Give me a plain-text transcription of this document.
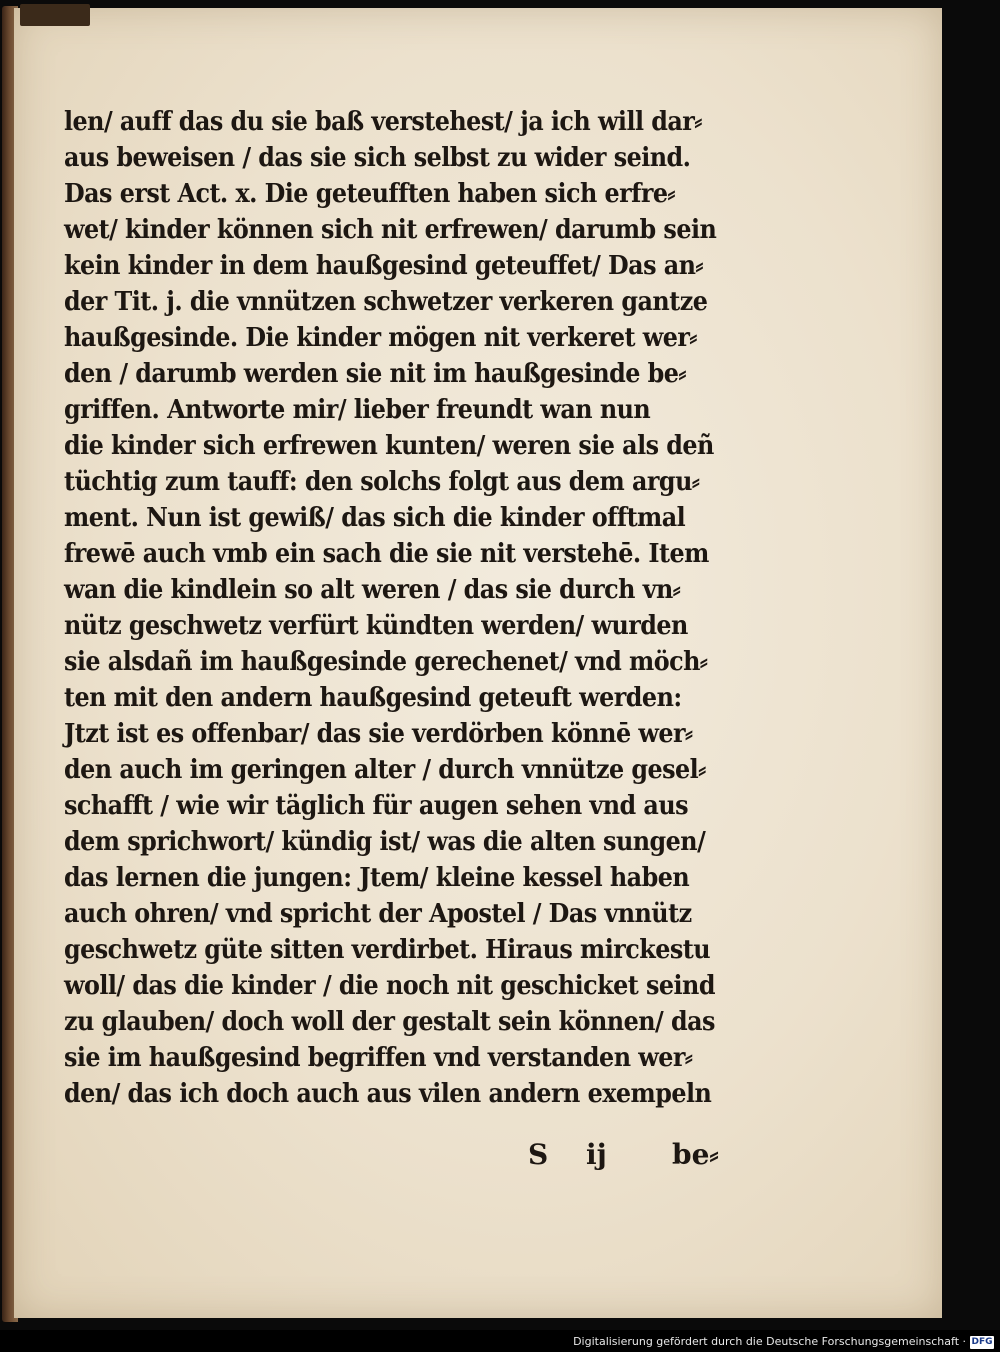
len/ auff das du sie baß verstehest/ ja ich will dar⸗
aus beweisen / das sie sich selbst zu wider seind.
Das erst Act. x. Die geteufften haben sich erfre⸗
wet/ kinder können sich nit erfrewen/ darumb sein
kein kinder in dem haußgesind geteuffet/ Das an⸗
der Tit. j. die vnnützen schwetzer verkeren gantze
haußgesinde. Die kinder mögen nit verkeret wer⸗
den / darumb werden sie nit im haußgesinde be⸗
griffen. Antworte mir/ lieber freundt wan nun
die kinder sich erfrewen kunten/ weren sie als deñ
tüchtig zum tauff: den solchs folgt aus dem argu⸗
ment. Nun ist gewiß/ das sich die kinder offtmal
frewē auch vmb ein sach die sie nit verstehē. Item
wan die kindlein so alt weren / das sie durch vn⸗
nütz geschwetz verfürt kündten werden/ wurden
sie alsdañ im haußgesinde gerechenet/ vnd möch⸗
ten mit den andern haußgesind geteuft werden:
Jtzt ist es offenbar/ das sie verdörben könnē wer⸗
den auch im geringen alter / durch vnnütze gesel⸗
schafft / wie wir täglich für augen sehen vnd aus
dem sprichwort/ kündig ist/ was die alten sungen/
das lernen die jungen: Jtem/ kleine kessel haben
auch ohren/ vnd spricht der Apostel / Das vnnütz
geschwetz güte sitten verdirbet. Hiraus mirckestu
woll/ das die kinder / die noch nit geschicket seind
zu glauben/ doch woll der gestalt sein können/ das
sie im haußgesind begriffen vnd verstanden wer⸗
den/ das ich doch auch aus vilen andern exempeln
S ij be⸗
Digitalisierung gefördert durch die Deutsche Forschungsgemeinschaft · DFG
